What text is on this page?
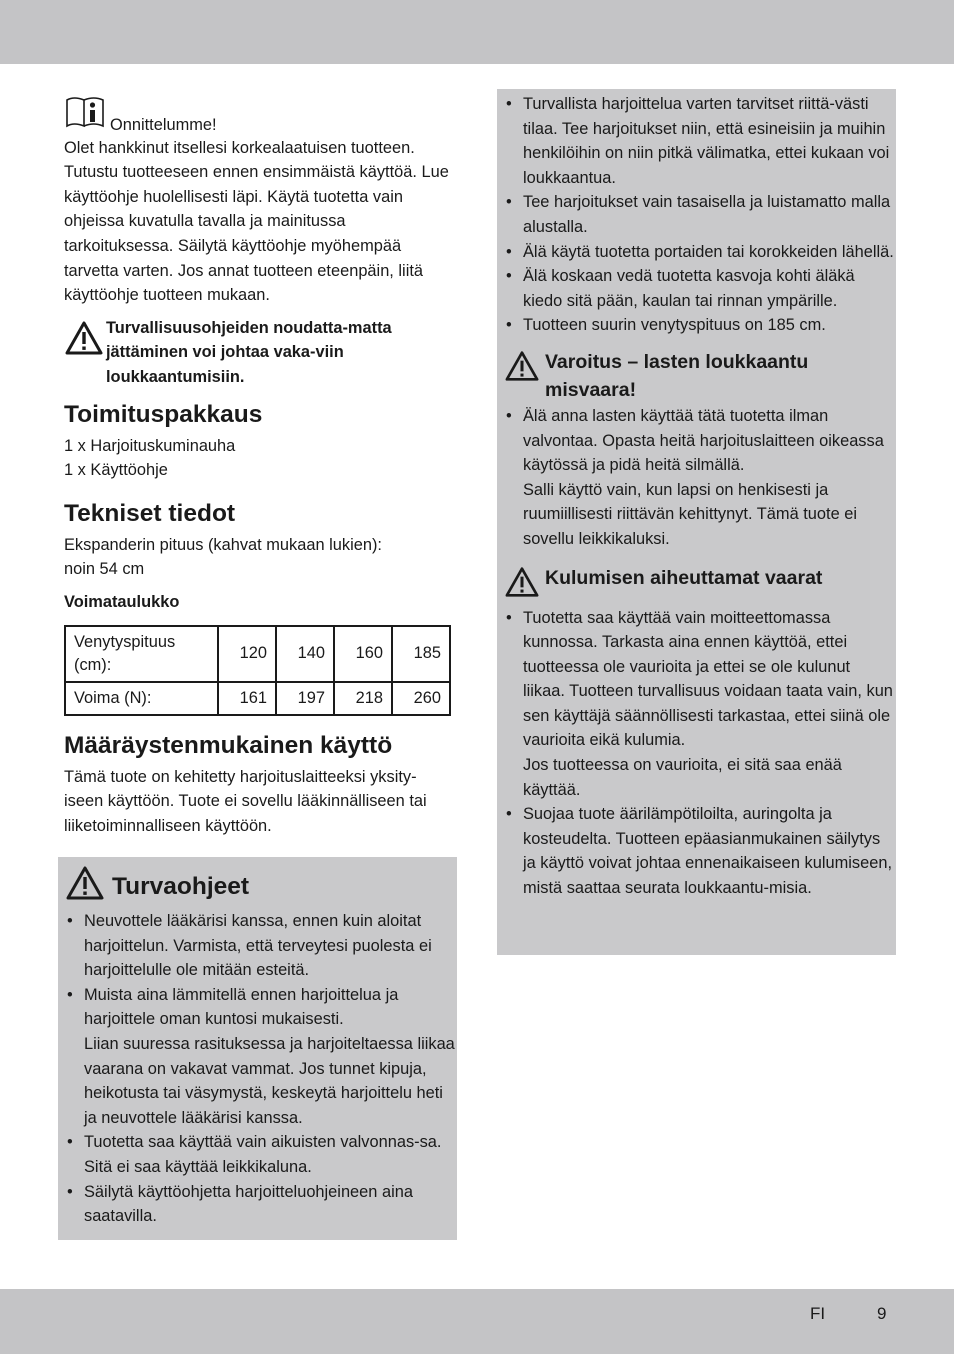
Onnittelumme!

Olet hankkinut itsellesi korkealaatuisen tuotteen. Tutustu tuotteeseen ennen ensimmäistä käyttöä. Lue käyttöohje huolellisesti läpi. Käytä tuotetta vain ohjeissa kuvatulla tavalla ja mainitussa tarkoituksessa. Säilytä käyttöohje myöhempää tarvetta varten. Jos annat tuotteen eteenpäin, liitä käyttöohje tuotteen mukaan.

Turvallisuusohjeiden noudatta-matta jättäminen voi johtaa vaka-viin loukkaantumisiin.
Toimituspakkaus

1 x Harjoituskuminauha

1 x Käyttöohje

Tekniset tiedot

Ekspanderin pituus (kahvat mukaan lukien):

noin 54 cm

Voimataulukko

Venytyspituus (cm):	120	140	160	185
Voima (N):	161	197	218	260
Määräystenmukainen käyttö

Tämä tuote on kehitetty harjoituslaitteeksi yksity-iseen käyttöön. Tuote ei sovellu lääkinnälliseen tai liiketoiminnalliseen käyttöön.

Turvaohjeet
• Neuvottele lääkärisi kanssa, ennen kuin aloitat harjoittelun. Varmista, että terveytesi puolesta ei harjoittelulle ole mitään esteitä.
• Muista aina lämmitellä ennen harjoittelua ja harjoittele oman kuntosi mukaisesti.
Liian suuressa rasituksessa ja harjoiteltaessa liikaa vaarana on vakavat vammat. Jos tunnet kipuja, heikotusta tai väsymystä, keskeytä harjoittelu heti ja neuvottele lääkärisi kanssa.
• Tuotetta saa käyttää vain aikuisten valvonnas-sa. Sitä ei saa käyttää leikkikaluna.
• Säilytä käyttöohjetta harjoitteluohjeineen aina saatavilla.
• Turvallista harjoittelua varten tarvitset riittä-västi tilaa. Tee harjoitukset niin, että esineisiin ja muihin henkilöihin on niin pitkä välimatka, ettei kukaan voi loukkaantua.
• Tee harjoitukset vain tasaisella ja luistamatto malla alustalla.
• Älä käytä tuotetta portaiden tai korokkeiden lähellä.
• Älä koskaan vedä tuotetta kasvoja kohti äläkä kiedo sitä pään, kaulan tai rinnan ympärille.
• Tuotteen suurin venytyspituus on 185 cm.
Varoitus – lasten loukkaantu misvaara!
• Älä anna lasten käyttää tätä tuotetta ilman valvontaa. Opasta heitä harjoituslaitteen oikeassa käytössä ja pidä heitä silmällä.
Salli käyttö vain, kun lapsi on henkisesti ja ruumiillisesti riittävän kehittynyt. Tämä tuote ei sovellu leikkikaluksi.
Kulumisen aiheuttamat vaarat
• Tuotetta saa käyttää vain moitteettomassa kunnossa. Tarkasta aina ennen käyttöä, ettei tuotteessa ole vaurioita ja ettei se ole kulunut liikaa. Tuotteen turvallisuus voidaan taata vain, kun sen käyttäjä säännöllisesti tarkastaa, ettei siinä ole vaurioita eikä kulumia.
Jos tuotteessa on vaurioita, ei sitä saa enää käyttää.
• Suojaa tuote äärilämpötiloilta, auringolta ja kosteudelta. Tuotteen epäasianmukainen säilytys ja käyttö voivat johtaa ennenaikaiseen kulumiseen, mistä saattaa seurata loukkaantu-misia.
FI	9
